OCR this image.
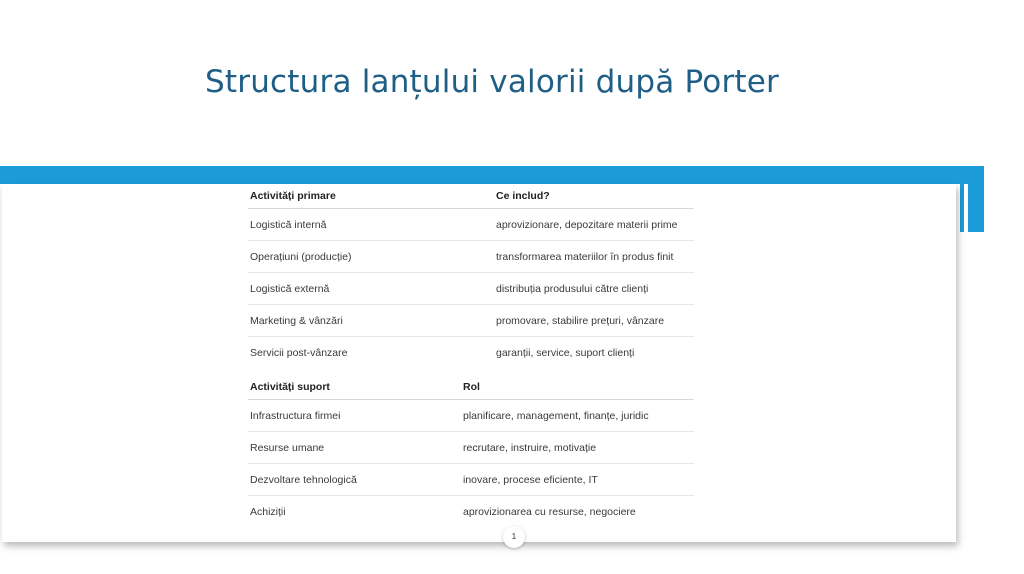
Structura lanțului valorii după Porter
Activități primare	Ce includ?
Logistică internă	aprovizionare, depozitare materii prime
Operațiuni (producție)	transformarea materiilor în produs finit
Logistică externă	distribuția produsului către clienți
Marketing & vânzări	promovare, stabilire prețuri, vânzare
Servicii post-vânzare	garanții, service, suport clienți
Activități suport	Rol
Infrastructura firmei	planificare, management, finanțe, juridic
Resurse umane	recrutare, instruire, motivație
Dezvoltare tehnologică	inovare, procese eficiente, IT
Achiziții	aprovizionarea cu resurse, negociere
1
